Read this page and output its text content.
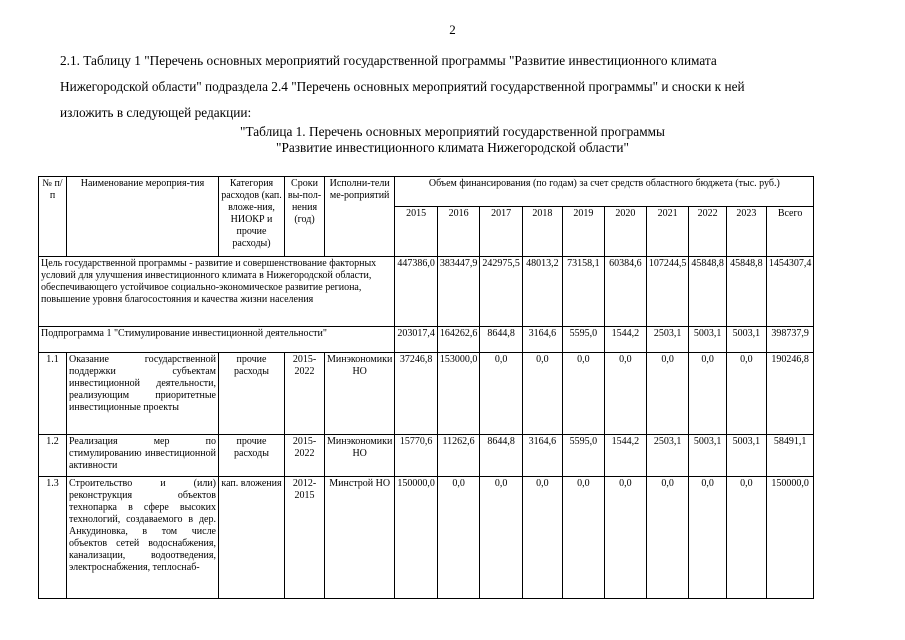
2
2.1. Таблицу 1 "Перечень основных мероприятий государственной программы "Развитие инвестиционного климата
Нижегородской области" подраздела 2.4 "Перечень основных мероприятий государственной программы" и сноски к ней
изложить в следующей редакции:
"Таблица 1. Перечень основных мероприятий государственной программы
"Развитие инвестиционного климата Нижегородской области"
№ п/п	Наименование мероприя-тия	Категория расходов (кап. вложе-ния, НИОКР и прочие расходы)	Сроки вы-пол-нения (год)	Исполни-тели ме-роприятий	Объем финансирования (по годам) за счет средств областного бюджета (тыс. руб.)									
					2015	2016	2017	2018	2019	2020	2021	2022	2023	Всего
Цель государственной программы - развитие и совершенствование факторных условий для улучшения инвестиционного климата в Нижегородской области, обеспечивающего устойчивое социально-экономическое развитие региона, повышение уровня благосостояния и качества жизни населения					447386,0	383447,9	242975,5	48013,2	73158,1	60384,6	107244,5	45848,8	45848,8	1454307,4
Подпрограмма 1 "Стимулирование инвестиционной деятельности"					203017,4	164262,6	8644,8	3164,6	5595,0	1544,2	2503,1	5003,1	5003,1	398737,9
1.1	Оказание государственной поддержки субъектам инвестиционной деятельности, реализующим приоритетные инвестиционные проекты	прочие расходы	2015-2022	Минэкономики НО	37246,8	153000,0	0,0	0,0	0,0	0,0	0,0	0,0	0,0	190246,8
1.2	Реализация мер по стимулированию инвестиционной активности	прочие расходы	2015-2022	Минэкономики НО	15770,6	11262,6	8644,8	3164,6	5595,0	1544,2	2503,1	5003,1	5003,1	58491,1
1.3	Строительство и (или) реконструкция объектов технопарка в сфере высоких технологий, создаваемого в дер. Анкудиновка, в том числе объектов сетей водоснабжения, канализации, водоотведения, электроснабжения, теплоснаб-	кап. вложения	2012-2015	Минстрой НО	150000,0	0,0	0,0	0,0	0,0	0,0	0,0	0,0	0,0	150000,0
